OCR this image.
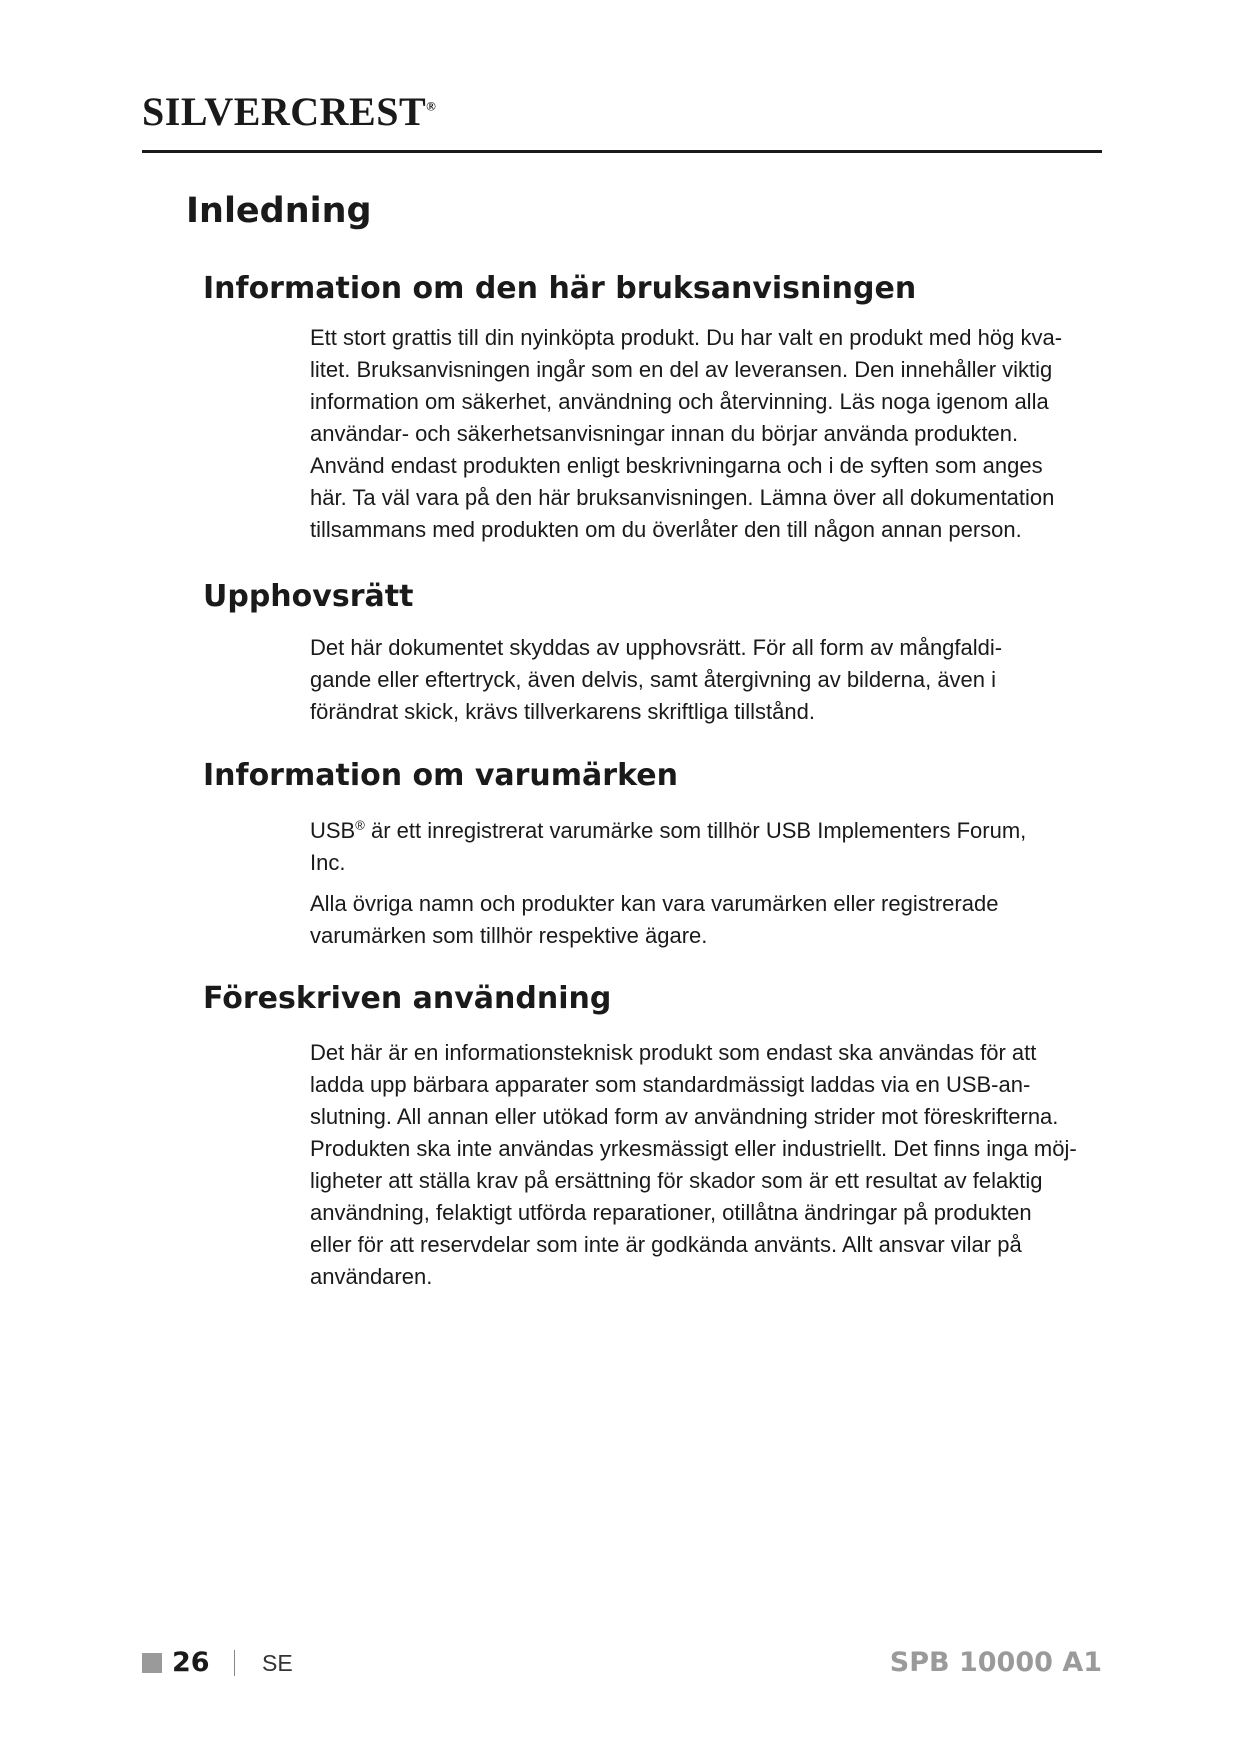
SILVERCREST®
Inledning
Information om den här bruksanvisningen

Ett stort grattis till din nyinköpta produkt. Du har valt en produkt med hög kva-
litet. Bruksanvisningen ingår som en del av leveransen. Den innehåller viktig
information om säkerhet, användning och återvinning. Läs noga igenom alla
användar- och säkerhetsanvisningar innan du börjar använda produkten.
Använd endast produkten enligt beskrivningarna och i de syften som anges
här. Ta väl vara på den här bruksanvisningen. Lämna över all dokumentation
tillsammans med produkten om du överlåter den till någon annan person.

Upphovsrätt

Det här dokumentet skyddas av upphovsrätt. För all form av mångfaldi-
gande eller eftertryck, även delvis, samt återgivning av bilderna, även i
förändrat skick, krävs tillverkarens skriftliga tillstånd.

Information om varumärken

USB® är ett inregistrerat varumärke som tillhör USB Implementers Forum,
Inc.

Alla övriga namn och produkter kan vara varumärken eller registrerade
varumärken som tillhör respektive ägare.

Föreskriven användning

Det här är en informationsteknisk produkt som endast ska användas för att
ladda upp bärbara apparater som standardmässigt laddas via en USB-an-
slutning. All annan eller utökad form av användning strider mot föreskrifterna.
Produkten ska inte användas yrkesmässigt eller industriellt. Det finns inga möj-
ligheter att ställa krav på ersättning för skador som är ett resultat av felaktig
användning, felaktigt utförda reparationer, otillåtna ändringar på produkten
eller för att reservdelar som inte är godkända använts. Allt ansvar vilar på
användaren.

26 SE	SPB 10000 A1
